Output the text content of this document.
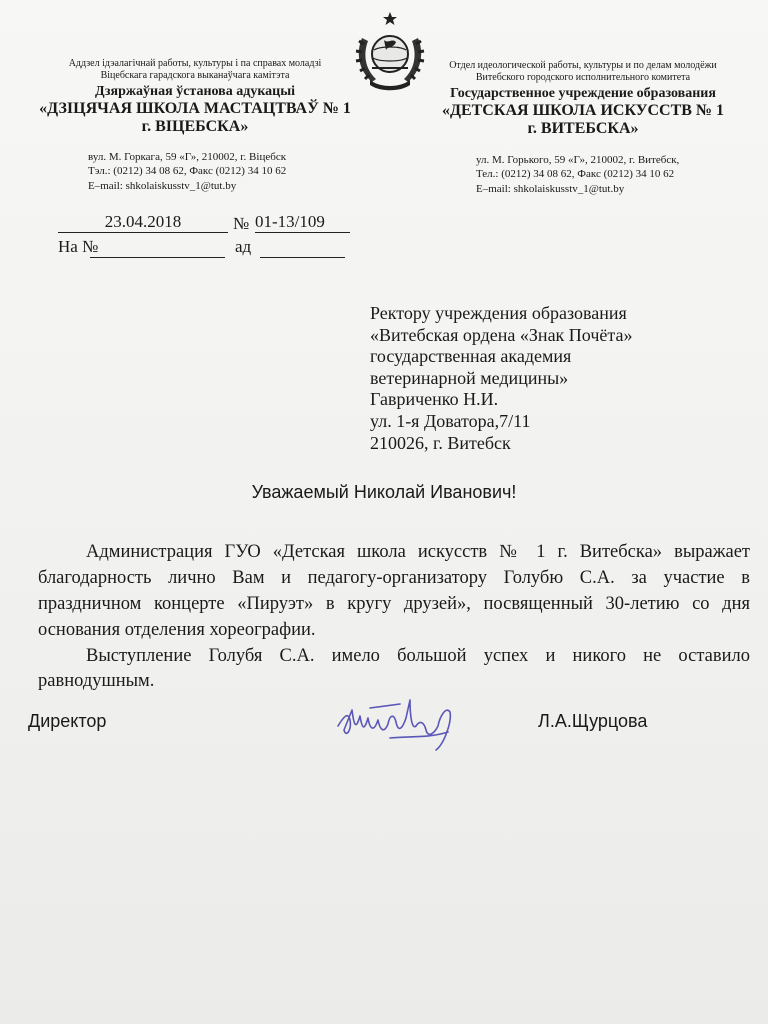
Аддзел ідэалагічнай работы, культуры і па справах моладзі
Віцебскага гарадскога выканаўчага камітэта
Дзяржаўная ўстанова адукацыі
«ДЗІЦЯЧАЯ ШКОЛА МАСТАЦТВАЎ № 1
г. ВІЦЕБСКА»
Отдел идеологической работы, культуры и по делам молодёжи
Витебского городского исполнительного комитета
Государственное учреждение образования
«ДЕТСКАЯ ШКОЛА ИСКУССТВ № 1
г. ВИТЕБСКА»
вул. М. Горкага, 59 «Г», 210002, г. Віцебск
Тэл.: (0212) 34 08 62, Факс (0212) 34 10 62
E–mail: shkolaiskusstv_1@tut.by
ул. М. Горького, 59 «Г», 210002, г. Витебск,
Тел.: (0212) 34 08 62, Факс (0212) 34 10 62
E–mail: shkolaiskusstv_1@tut.by
23.04.2018	№ 01-13/109
На №	ад
Ректору учреждения образования
«Витебская ордена «Знак Почёта»
государственная академия
ветеринарной медицины»
Гавриченко Н.И.
ул. 1-я Доватора,7/11
210026, г. Витебск
Уважаемый Николай Иванович!

Администрация ГУО «Детская школа искусств № 1 г. Витебска» выражает благодарность лично Вам и педагогу-организатору Голубю С.А. за участие в праздничном концерте «Пируэт» в кругу друзей», посвященный 30-летию со дня основания отделения хореографии.

Выступление Голубя С.А. имело большой успех и никого не оставило равнодушным.

Директор	Л.А.Щурцова
